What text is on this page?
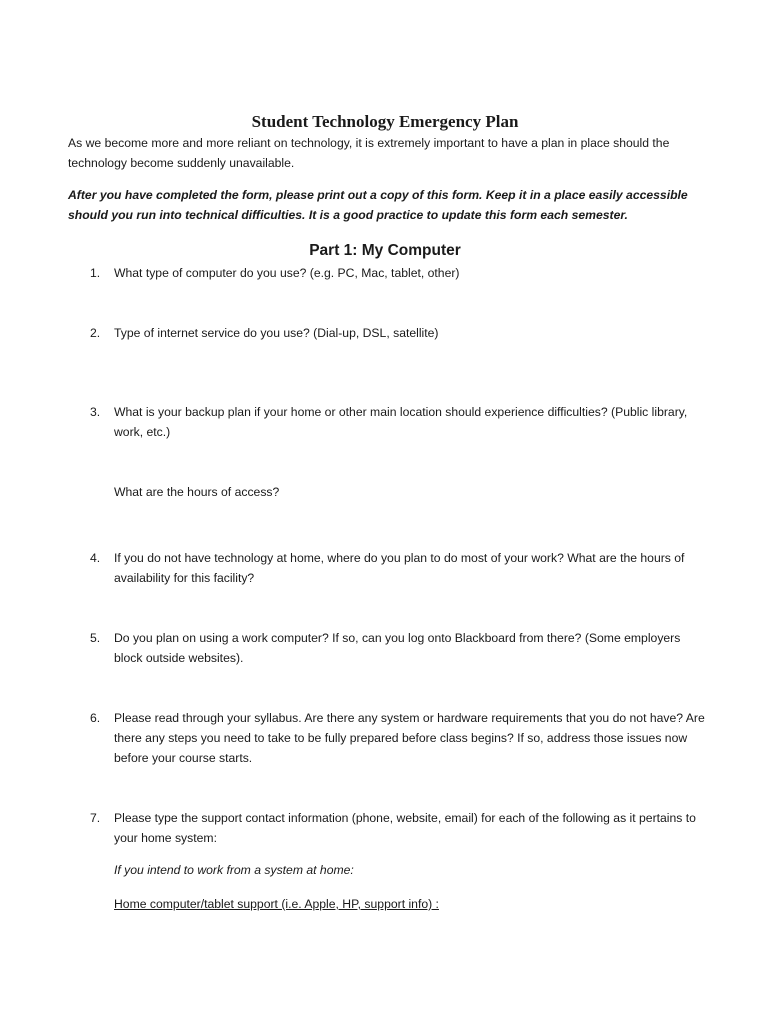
Student Technology Emergency Plan
As we become more and more reliant on technology, it is extremely important to have a plan in place should the technology become suddenly unavailable.
After you have completed the form, please print out a copy of this form. Keep it in a place easily accessible should you run into technical difficulties. It is a good practice to update this form each semester.
Part 1: My Computer
1. What type of computer do you use? (e.g. PC, Mac, tablet, other)
2. Type of internet service do you use? (Dial-up, DSL, satellite)
3. What is your backup plan if your home or other main location should experience difficulties? (Public library, work, etc.)
What are the hours of access?
4. If you do not have technology at home, where do you plan to do most of your work? What are the hours of availability for this facility?
5. Do you plan on using a work computer? If so, can you log onto Blackboard from there? (Some employers block outside websites).
6. Please read through your syllabus. Are there any system or hardware requirements that you do not have? Are there any steps you need to take to be fully prepared before class begins? If so, address those issues now before your course starts.
7. Please type the support contact information (phone, website, email) for each of the following as it pertains to your home system:
If you intend to work from a system at home:
Home computer/tablet support (i.e. Apple, HP, support info) :
